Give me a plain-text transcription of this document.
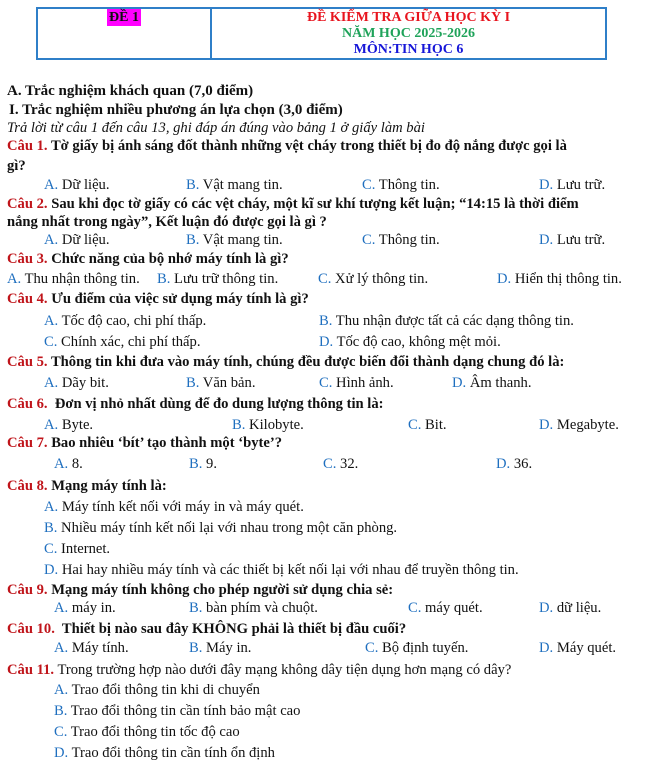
ĐỀ 1	ĐỀ KIỂM TRA GIỮA HỌC KỲ I
NĂM HỌC 2025-2026
MÔN:TIN HỌC 6
A. Trắc nghiệm khách quan (7,0 điểm)
I. Trắc nghiệm nhiều phương án lựa chọn (3,0 điểm)
Trả lời từ câu 1 đến câu 13, ghi đáp án đúng vào bảng 1 ở giấy làm bài
Câu 1. Tờ giấy bị ánh sáng đốt thành những vệt cháy trong thiết bị đo độ nắng được gọi là
gì?
A. Dữ liệu.	B. Vật mang tin.	C. Thông tin.	D. Lưu trữ.
Câu 2. Sau khi đọc tờ giấy có các vệt cháy, một kĩ sư khí tượng kết luận; “14:15 là thời điểm
nắng nhất trong ngày”, Kết luận đó được gọi là gì ?
A. Dữ liệu.	B. Vật mang tin.	C. Thông tin.	D. Lưu trữ.
Câu 3. Chức năng của bộ nhớ máy tính là gì?
A. Thu nhận thông tin. B. Lưu trữ thông tin.	C. Xử lý thông tin.	D. Hiển thị thông tin.
Câu 4. Ưu điểm của việc sử dụng máy tính là gì?
A. Tốc độ cao, chi phí thấp.	B. Thu nhận được tất cả các dạng thông tin.
C. Chính xác, chi phí thấp.	D. Tốc độ cao, không mệt mỏi.
Câu 5. Thông tin khi đưa vào máy tính, chúng đều được biến đổi thành dạng chung đó là:
A. Dãy bit.	B. Văn bản.	C. Hình ảnh.	D. Âm thanh.
Câu 6. Đơn vị nhỏ nhất dùng để đo dung lượng thông tin là:
A. Byte.	B. Kilobyte.	C. Bit.	D. Megabyte.
Câu 7. Bao nhiêu ‘bít’ tạo thành một ‘byte’?
A. 8.	B. 9.	C. 32.	D. 36.
Câu 8. Mạng máy tính là:
A. Máy tính kết nối với máy in và máy quét.
B. Nhiều máy tính kết nối lại với nhau trong một căn phòng.
C. Internet.
D. Hai hay nhiều máy tính và các thiết bị kết nối lại với nhau để truyền thông tin.
Câu 9. Mạng máy tính không cho phép người sử dụng chia sẻ:
A. máy in.	B. bàn phím và chuột.	C. máy quét.	D. dữ liệu.
Câu 10. Thiết bị nào sau đây KHÔNG phải là thiết bị đầu cuối?
A. Máy tính.	B. Máy in.	C. Bộ định tuyến.	D. Máy quét.
Câu 11. Trong trường hợp nào dưới đây mạng không dây tiện dụng hơn mạng có dây?
A. Trao đổi thông tin khi di chuyển
B. Trao đổi thông tin cần tính bảo mật cao
C. Trao đổi thông tin tốc độ cao
D. Trao đổi thông tin cần tính ổn định
